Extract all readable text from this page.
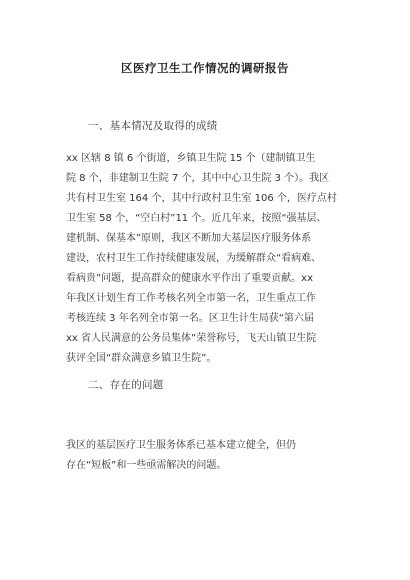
区医疗卫生工作情况的调研报告
一、基本情况及取得的成绩
xx 区辖 8 镇 6 个街道，乡镇卫生院 15 个（建制镇卫生
院 8 个，非建制卫生院 7 个，其中中心卫生院 3 个）。我区
共有村卫生室 164 个，其中行政村卫生室 106 个，医疗点村
卫生室 58 个，“空白村”11 个。近几年来，按照“强基层、
建机制、保基本”原则，我区不断加大基层医疗服务体系
建设，农村卫生工作持续健康发展，为缓解群众“看病难、
看病贵”问题，提高群众的健康水平作出了重要贡献。xx
年我区计划生育工作考核名列全市第一名，卫生重点工作
考核连续 3 年名列全市第一名。区卫生计生局获“第六届
xx 省人民满意的公务员集体”荣誉称号，飞天山镇卫生院
获评全国“群众满意乡镇卫生院”。
二、存在的问题
我区的基层医疗卫生服务体系已基本建立健全，但仍
存在“短板”和一些亟需解决的问题。
